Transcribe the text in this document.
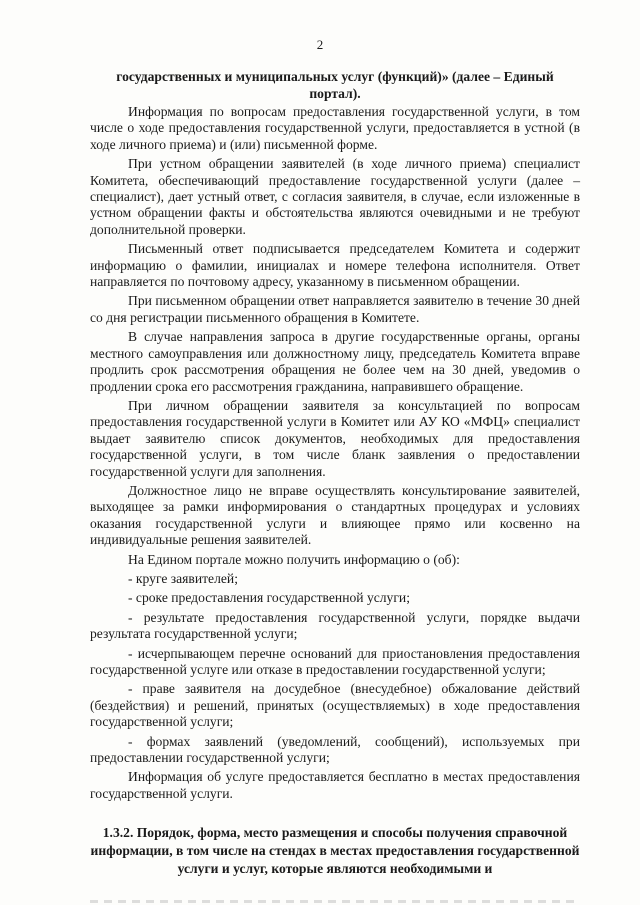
2
государственных и муниципальных услуг (функций)» (далее – Единый портал).

Информация по вопросам предоставления государственной услуги, в том числе о ходе предоставления государственной услуги, предоставляется в устной (в ходе личного приема) и (или) письменной форме.

При устном обращении заявителей (в ходе личного приема) специалист Комитета, обеспечивающий предоставление государственной услуги (далее – специалист), дает устный ответ, с согласия заявителя, в случае, если изложенные в устном обращении факты и обстоятельства являются очевидными и не требуют дополнительной проверки.

Письменный ответ подписывается председателем Комитета и содержит информацию о фамилии, инициалах и номере телефона исполнителя. Ответ направляется по почтовому адресу, указанному в письменном обращении.

При письменном обращении ответ направляется заявителю в течение 30 дней со дня регистрации письменного обращения в Комитете.

В случае направления запроса в другие государственные органы, органы местного самоуправления или должностному лицу, председатель Комитета вправе продлить срок рассмотрения обращения не более чем на 30 дней, уведомив о продлении срока его рассмотрения гражданина, направившего обращение.

При личном обращении заявителя за консультацией по вопросам предоставления государственной услуги в Комитет или АУ КО «МФЦ» специалист выдает заявителю список документов, необходимых для предоставления государственной услуги, в том числе бланк заявления о предоставлении государственной услуги для заполнения.

Должностное лицо не вправе осуществлять консультирование заявителей, выходящее за рамки информирования о стандартных процедурах и условиях оказания государственной услуги и влияющее прямо или косвенно на индивидуальные решения заявителей.

На Едином портале можно получить информацию о (об):

- круге заявителей;

- сроке предоставления государственной услуги;

- результате предоставления государственной услуги, порядке выдачи результата государственной услуги;

- исчерпывающем перечне оснований для приостановления предоставления государственной услуге или отказе в предоставлении государственной услуги;

- праве заявителя на досудебное (внесудебное) обжалование действий (бездействия) и решений, принятых (осуществляемых) в ходе предоставления государственной услуги;

- формах заявлений (уведомлений, сообщений), используемых при предоставлении государственной услуги;

Информация об услуге предоставляется бесплатно в местах предоставления государственной услуги.

1.3.2. Порядок, форма, место размещения и способы получения справочной информации, в том числе на стендах в местах предоставления государственной услуги и услуг, которые являются необходимыми и
